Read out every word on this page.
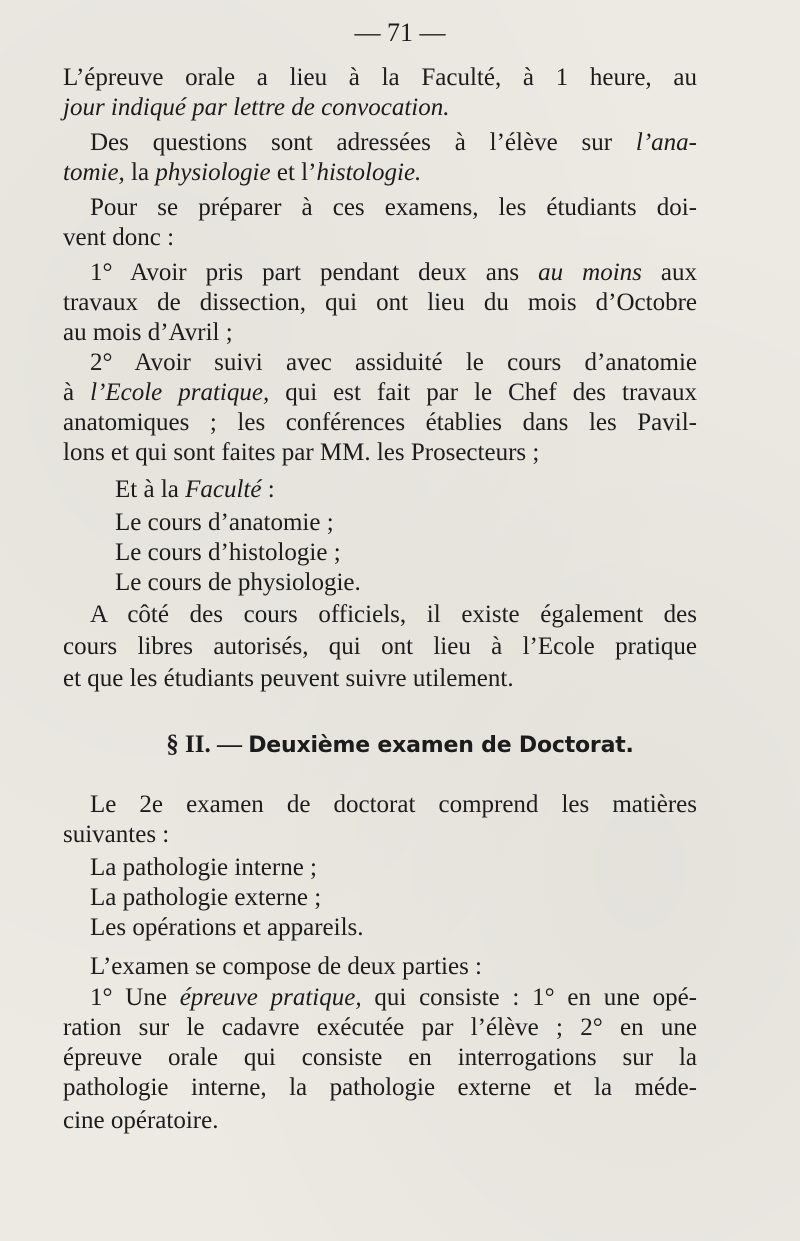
— 71 —
L’épreuve orale a lieu à la Faculté, à 1 heure, au
jour indiqué par lettre de convocation.
Des questions sont adressées à l’élève sur l’ana-
tomie, la physiologie et l’histologie.
Pour se préparer à ces examens, les étudiants doi-
vent donc :
1° Avoir pris part pendant deux ans au moins aux
travaux de dissection, qui ont lieu du mois d’Octobre
au mois d’Avril ;
2° Avoir suivi avec assiduité le cours d’anatomie
à l’Ecole pratique, qui est fait par le Chef des travaux
anatomiques ; les conférences établies dans les Pavil-
lons et qui sont faites par MM. les Prosecteurs ;
Et à la Faculté :
Le cours d’anatomie ;
Le cours d’histologie ;
Le cours de physiologie.
A côté des cours officiels, il existe également des
cours libres autorisés, qui ont lieu à l’Ecole pratique
et que les étudiants peuvent suivre utilement.
§ II. — Deuxième examen de Doctorat.
Le 2e examen de doctorat comprend les matières
suivantes :
La pathologie interne ;
La pathologie externe ;
Les opérations et appareils.
L’examen se compose de deux parties :
1° Une épreuve pratique, qui consiste : 1° en une opé-
ration sur le cadavre exécutée par l’élève ; 2° en une
épreuve orale qui consiste en interrogations sur la
pathologie interne, la pathologie externe et la méde-
cine opératoire.
